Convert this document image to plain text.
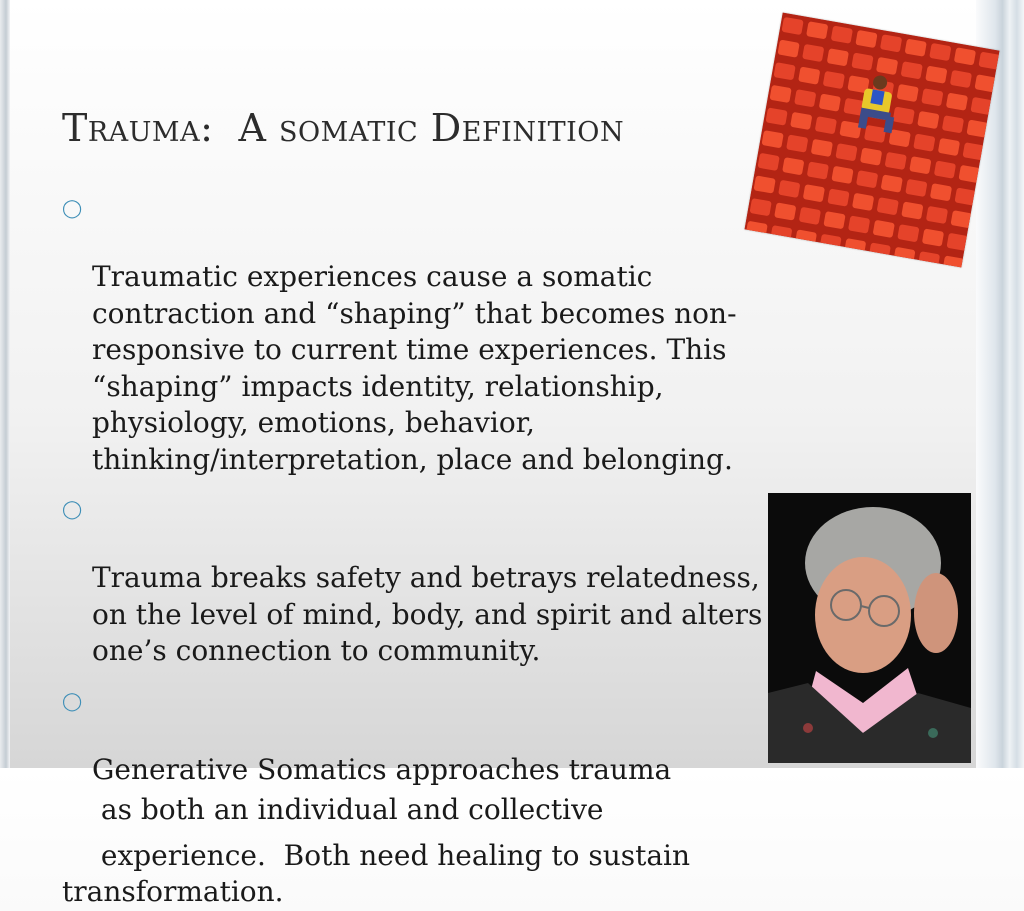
Trauma:  A somatic Definition

◯

Traumatic experiences cause a somatic
contraction and “shaping” that becomes non-
responsive to current time experiences. This
“shaping” impacts identity, relationship,
physiology, emotions, behavior,
thinking/interpretation, place and belonging.

◯

Trauma breaks safety and betrays relatedness,
on the level of mind, body, and spirit and alters
one’s connection to community.

◯

Generative Somatics approaches trauma

as both an individual and collective
experience.  Both need healing to sustain
transformation.
